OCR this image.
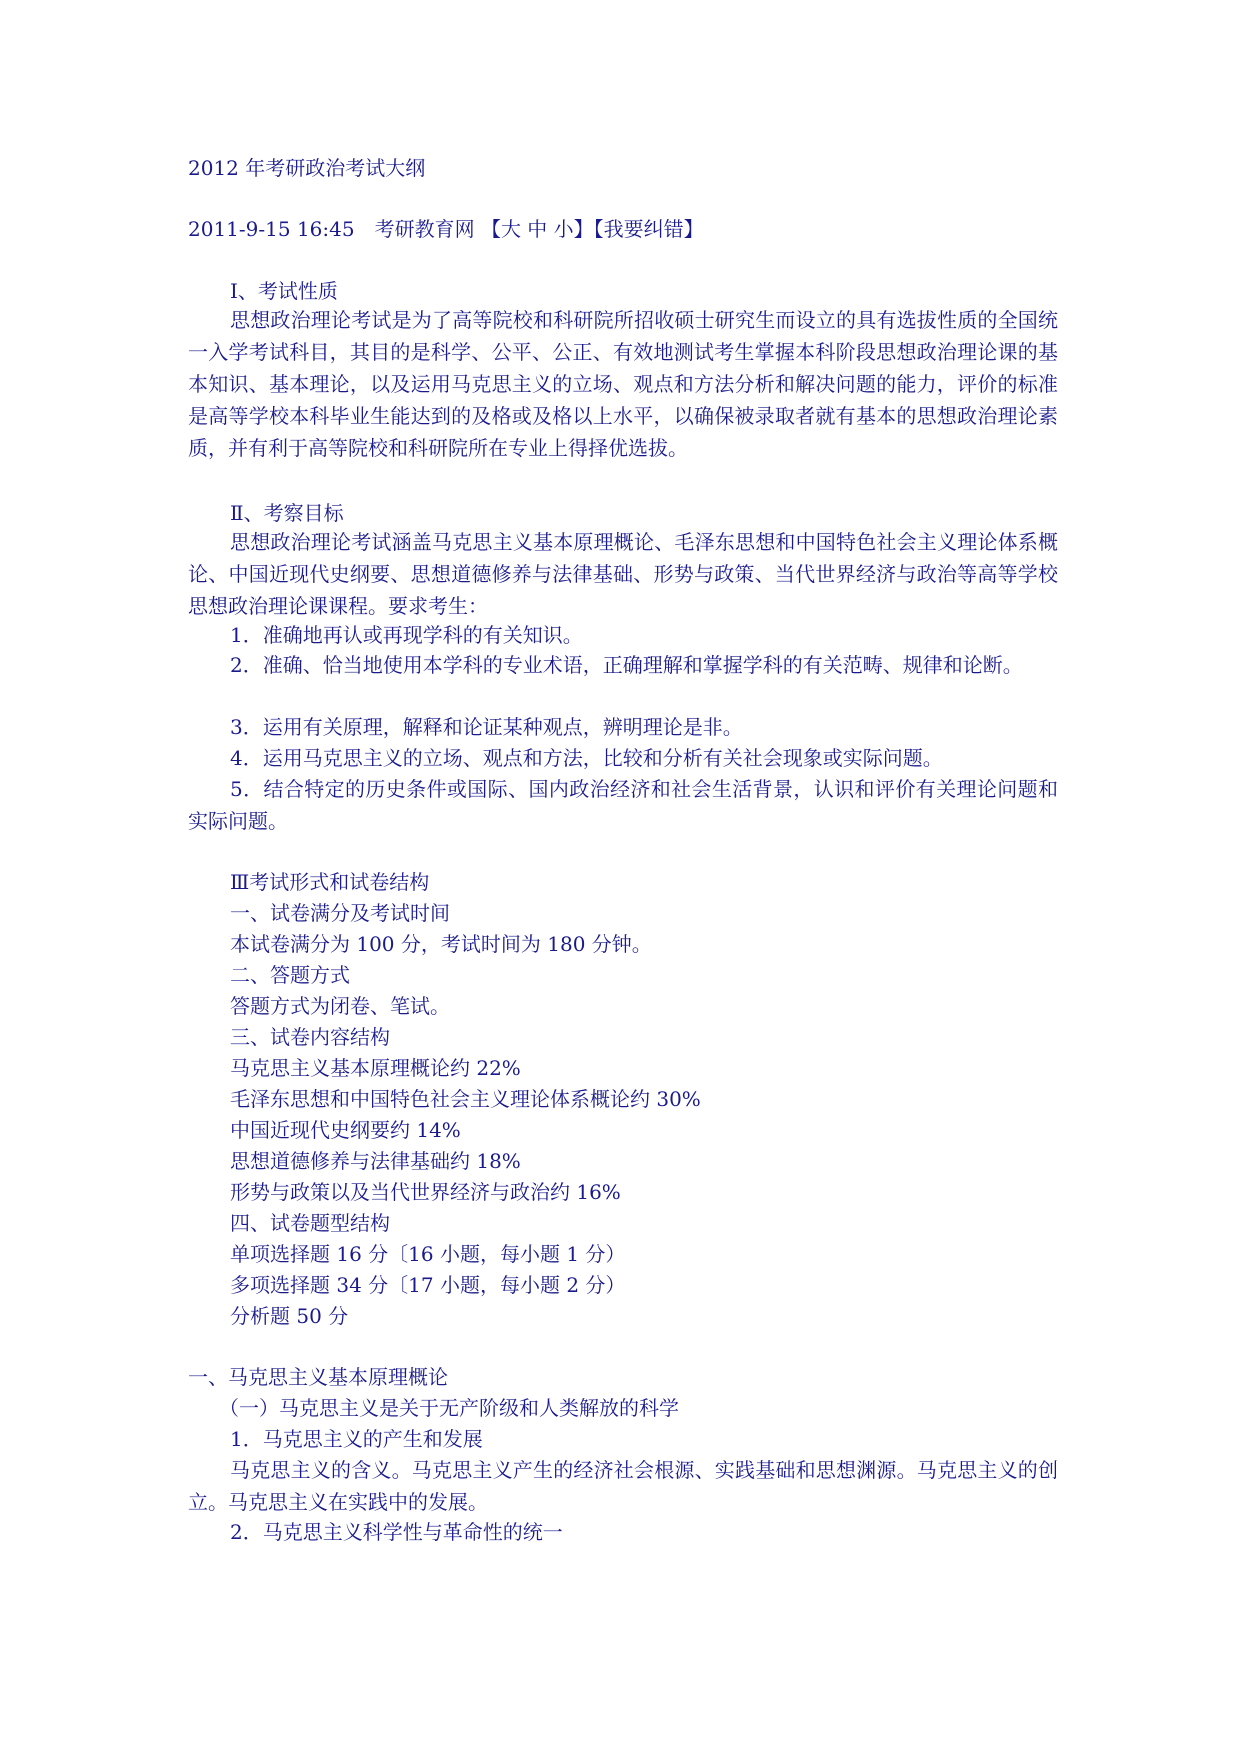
2012 年考研政治考试大纲
2011-9-15 16:45　考研教育网 【大 中 小】【我要纠错】
Ⅰ、考试性质
思想政治理论考试是为了高等院校和科研院所招收硕士研究生而设立的具有选拔性质的全国统一入学考试科目，其目的是科学、公平、公正、有效地测试考生掌握本科阶段思想政治理论课的基本知识、基本理论，以及运用马克思主义的立场、观点和方法分析和解决问题的能力，评价的标准是高等学校本科毕业生能达到的及格或及格以上水平，以确保被录取者就有基本的思想政治理论素质，并有利于高等院校和科研院所在专业上得择优选拔。
Ⅱ、考察目标
思想政治理论考试涵盖马克思主义基本原理概论、毛泽东思想和中国特色社会主义理论体系概论、中国近现代史纲要、思想道德修养与法律基础、形势与政策、当代世界经济与政治等高等学校思想政治理论课课程。要求考生：
1．准确地再认或再现学科的有关知识。
2．准确、恰当地使用本学科的专业术语，正确理解和掌握学科的有关范畴、规律和论断。
3．运用有关原理，解释和论证某种观点，辨明理论是非。
4．运用马克思主义的立场、观点和方法，比较和分析有关社会现象或实际问题。
5．结合特定的历史条件或国际、国内政治经济和社会生活背景，认识和评价有关理论问题和实际问题。
Ⅲ考试形式和试卷结构
一、试卷满分及考试时间
本试卷满分为 100 分，考试时间为 180 分钟。
二、答题方式
答题方式为闭卷、笔试。
三、试卷内容结构
马克思主义基本原理概论约 22%
毛泽东思想和中国特色社会主义理论体系概论约 30%
中国近现代史纲要约 14%
思想道德修养与法律基础约 18%
形势与政策以及当代世界经济与政治约 16%
四、试卷题型结构
单项选择题 16 分〔16 小题，每小题 1 分）
多项选择题 34 分〔17 小题，每小题 2 分）
分析题 50 分
一、马克思主义基本原理概论
（一）马克思主义是关于无产阶级和人类解放的科学
1．马克思主义的产生和发展
马克思主义的含义。马克思主义产生的经济社会根源、实践基础和思想渊源。马克思主义的创立。马克思主义在实践中的发展。
2．马克思主义科学性与革命性的统一
